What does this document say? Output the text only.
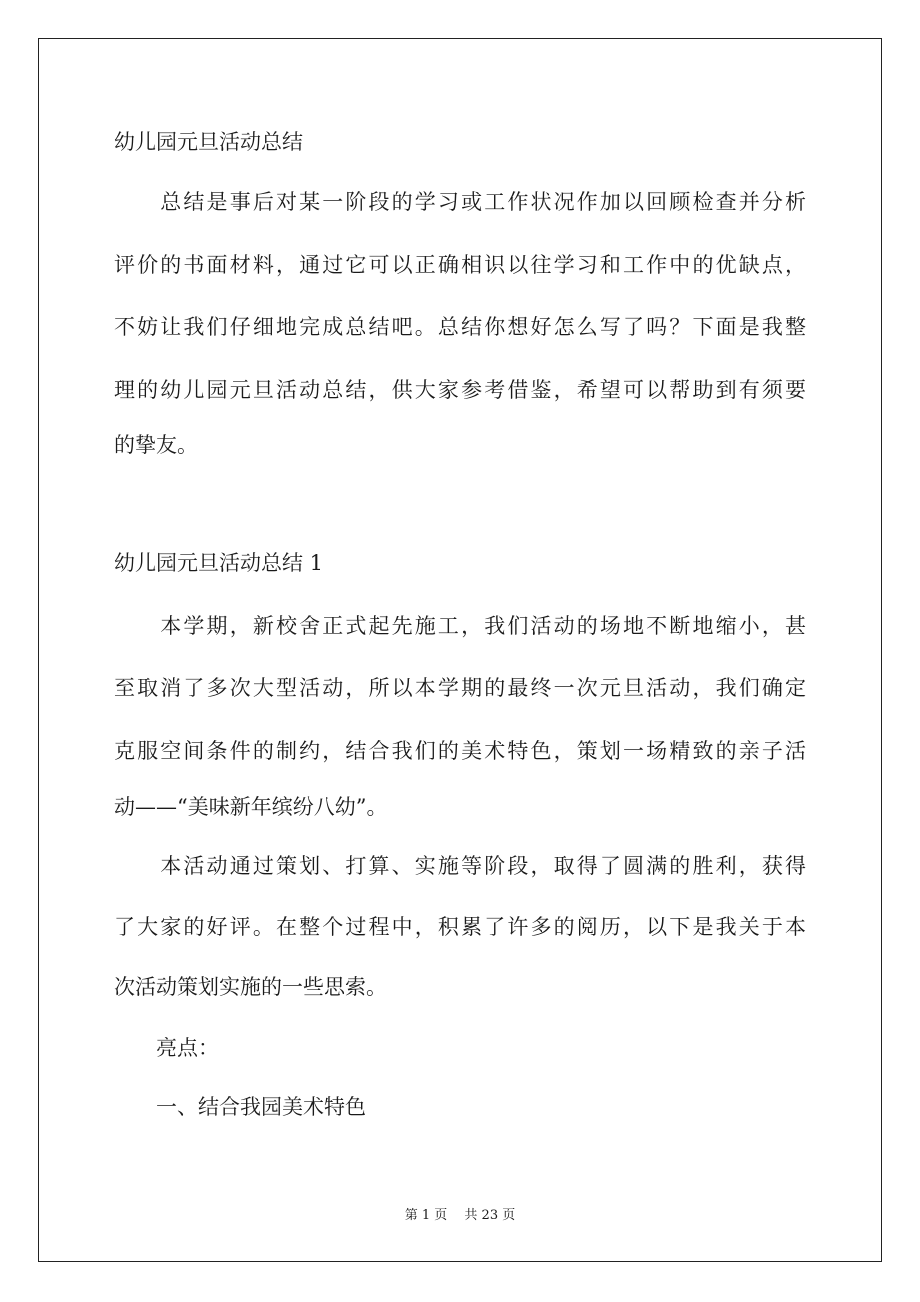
幼儿园元旦活动总结

　　总结是事后对某一阶段的学习或工作状况作加以回顾检查并分析

评价的书面材料，通过它可以正确相识以往学习和工作中的优缺点，

不妨让我们仔细地完成总结吧。总结你想好怎么写了吗？下面是我整

理的幼儿园元旦活动总结，供大家参考借鉴，希望可以帮助到有须要

的挚友。

幼儿园元旦活动总结 1

　　本学期，新校舍正式起先施工，我们活动的场地不断地缩小，甚

至取消了多次大型活动，所以本学期的最终一次元旦活动，我们确定

克服空间条件的制约，结合我们的美术特色，策划一场精致的亲子活

动——“美味新年缤纷八幼”。

　　本活动通过策划、打算、实施等阶段，取得了圆满的胜利，获得

了大家的好评。在整个过程中，积累了许多的阅历，以下是我关于本

次活动策划实施的一些思索。

　　亮点：

　　一、结合我园美术特色

第 1 页　 共 23 页
